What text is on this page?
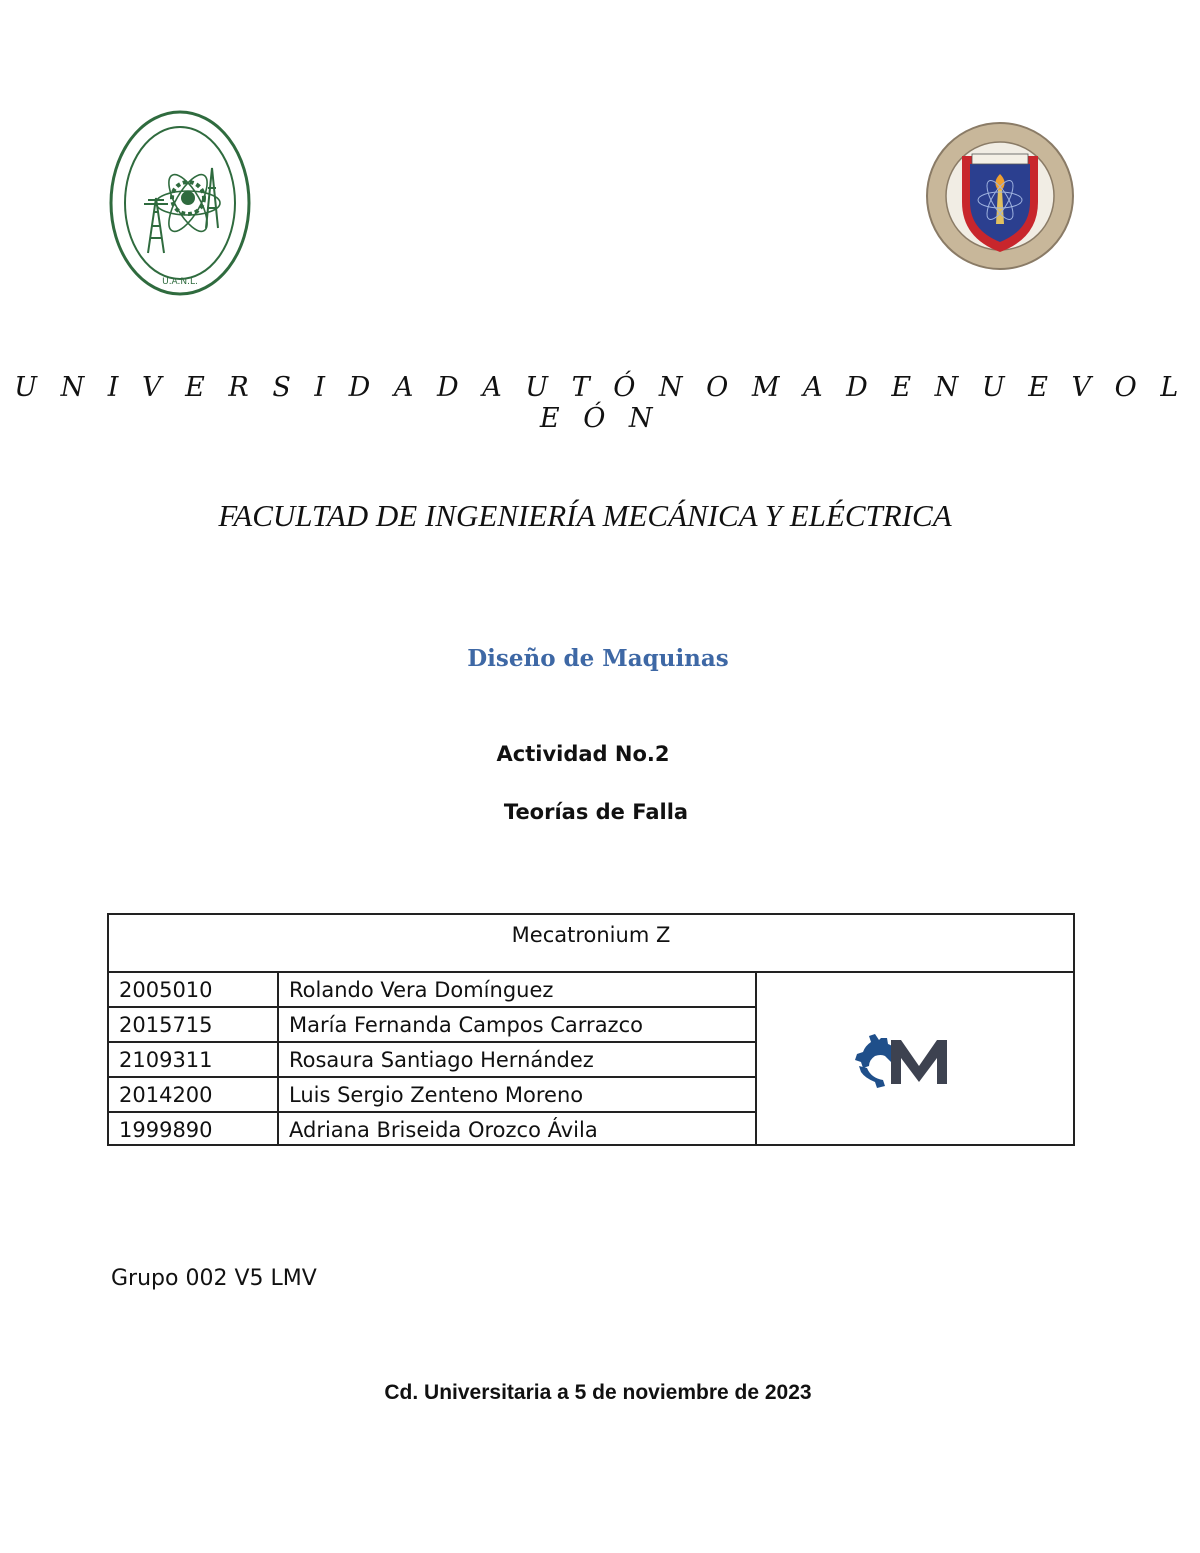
U.A.N.L.
U N I V E R S I D A D A U T Ó N O M A D E N U E V O L E Ó N
FACULTAD DE INGENIERÍA MECÁNICA Y ELÉCTRICA
Diseño de Maquinas
Actividad No.2
Teorías de Falla
Mecatronium Z
2005010	Rolando Vera Domínguez
2015715	María Fernanda Campos Carrazco
2109311	Rosaura Santiago Hernández
2014200	Luis Sergio Zenteno Moreno
1999890	Adriana Briseida Orozco Ávila
Grupo 002 V5 LMV
Cd. Universitaria a 5 de noviembre de 2023
